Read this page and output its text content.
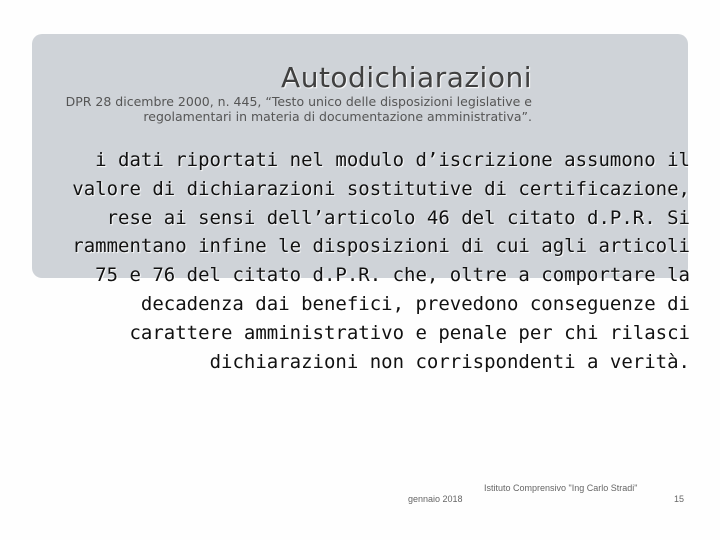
Autodichiarazioni
DPR 28 dicembre 2000, n. 445, “Testo unico delle disposizioni legislative e regolamentari in materia di documentazione amministrativa”.
i dati riportati nel modulo d’iscrizione assumono il valore di dichiarazioni sostitutive di certificazione, rese ai sensi dell’articolo 46 del citato d.P.R. Si rammentano infine le disposizioni di cui agli articoli 75 e 76 del citato d.P.R. che, oltre a comportare la decadenza dai benefici, prevedono conseguenze di carattere amministrativo e penale per chi rilasci dichiarazioni non corrispondenti a verità.
gennaio 2018
Istituto Comprensivo "Ing Carlo Stradi"
15
